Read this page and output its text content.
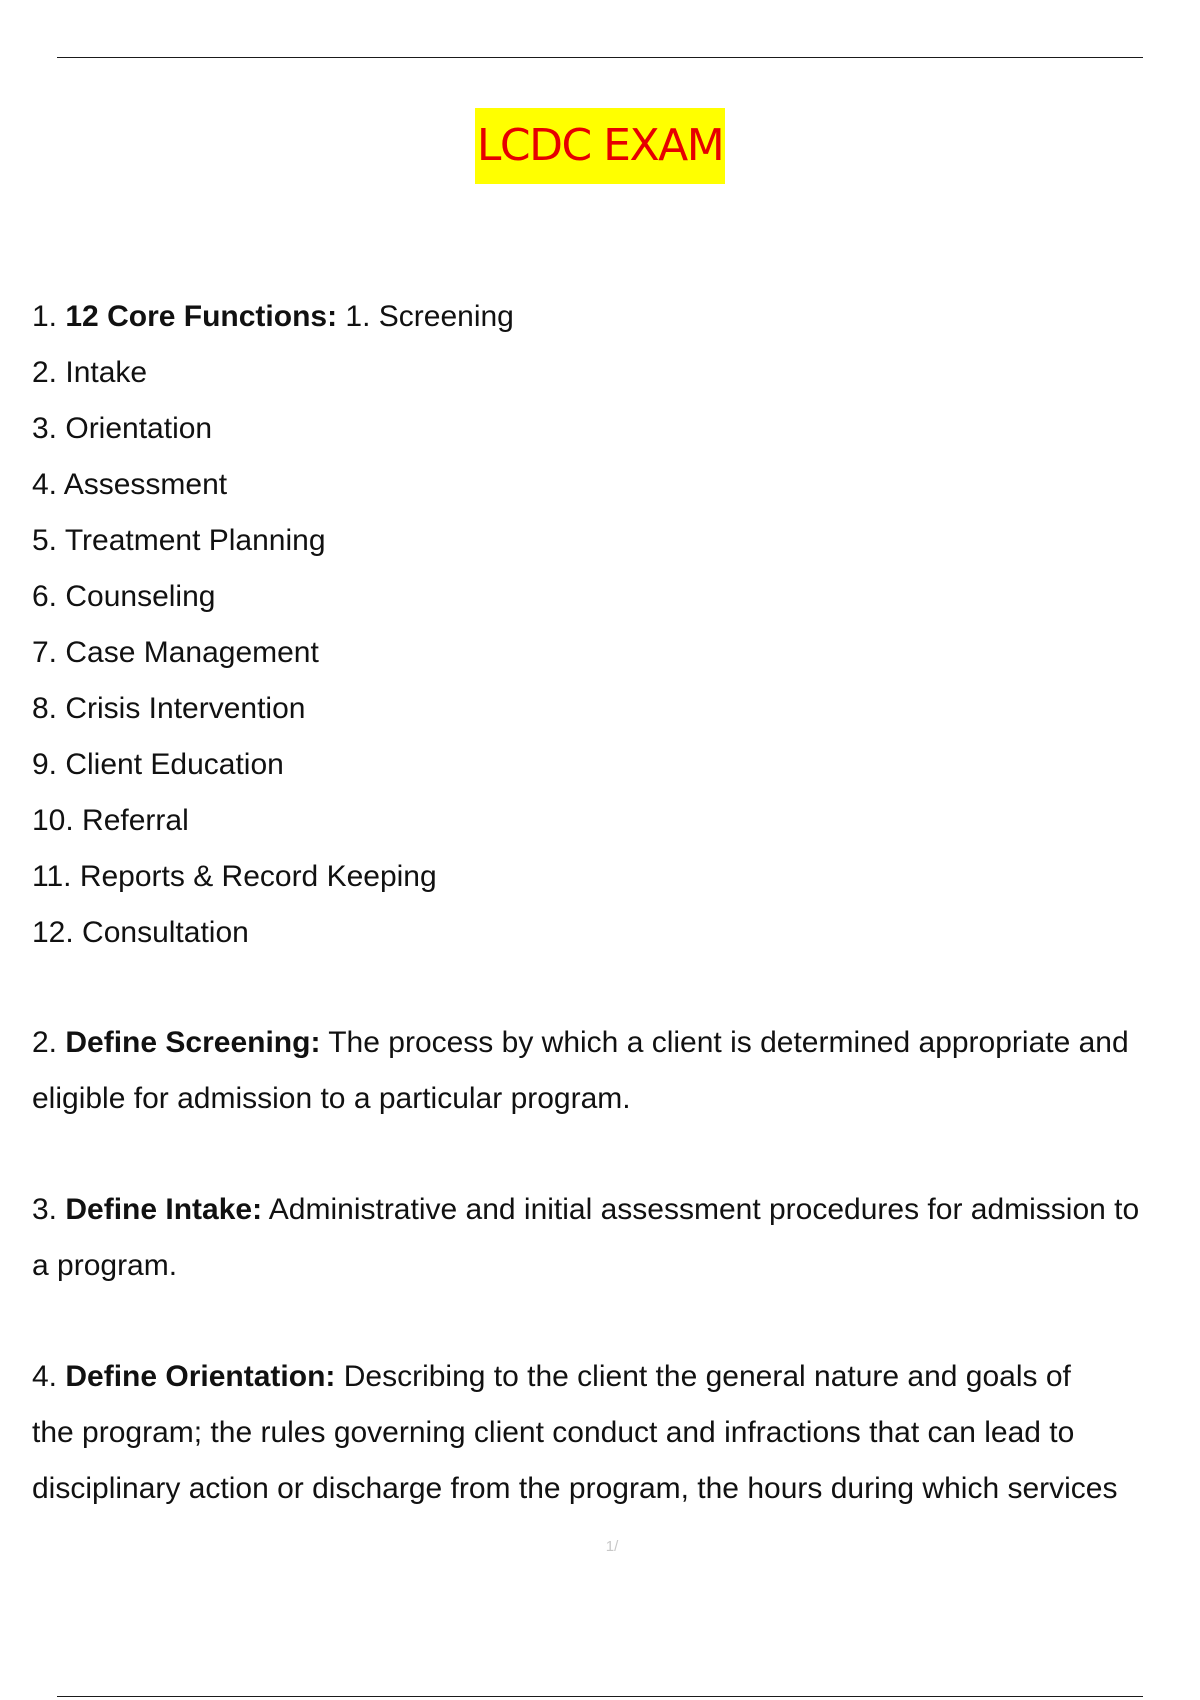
LCDC EXAM
1. 12 Core Functions: 1. Screening
2. Intake
3. Orientation
4. Assessment
5. Treatment Planning
6. Counseling
7. Case Management
8. Crisis Intervention
9. Client Education
10. Referral
11. Reports & Record Keeping
12. Consultation
2. Define Screening: The process by which a client is determined appropriate and
eligible for admission to a particular program.
3. Define Intake: Administrative and initial assessment procedures for admission to
a program.
4. Define Orientation: Describing to the client the general nature and goals of
the program; the rules governing client conduct and infractions that can lead to
disciplinary action or discharge from the program, the hours during which services
1/
